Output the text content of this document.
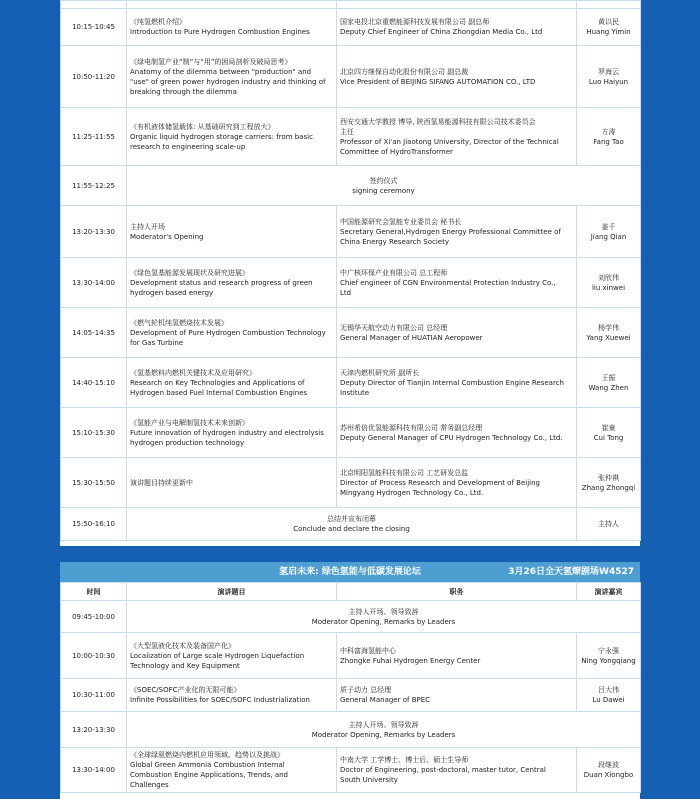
10:15-10:45	《纯氢燃机介绍》
Introduction to Pure Hydrogen Combustion Engines	国家电投北京重燃能源科技发展有限公司 副总师
Deputy Chief Engineer of China Zhongdian Media Co., Ltd	黄以民
Huang Yimin

10:50-11:20	《绿电制氢产业“制”与“用”的困局剖析及破局思考》
Anatomy of the dilemma between "production" and
"use" of green power hydrogen industry and thinking of
breaking through the dilemma	北京四方继保自动化股份有限公司 副总裁
Vice President of BEIJING SIFANG AUTOMATION CO., LTD	罗海云
Luo Haiyun

11:25-11:55	《有机液体储氢载体: 从基础研究到工程放大》
Organic liquid hydrogen storage carriers: from basic
research to engineering scale-up	西安交通大学教授 博导, 陕西氢易能源科技有限公司技术委员会
主任
Professor of Xi'an Jiaotong University, Director of the Technical
Committee of HydroTransformer	方涛
Fang Tao

11:55-12:25	签约仪式
signing ceremony		

13:20-13:30	主持人开场
Moderator's Opening	中国能源研究会氢能专业委员会 秘书长
Secretary General,Hydrogen Energy Professional Committee of
China Energy Research Society	姜千
Jiang Qian

13:30-14:00	《绿色氢基能源发展现状及研究进展》
Development status and research progress of green
hydrogen based energy	中广核环保产业有限公司 总工程师
Chief engineer of CGN Environmental Protection Industry Co.,
Ltd	刘欣伟
liu xinwei

14:05-14:35	《燃气轮机纯氢燃烧技术发展》
Development of Pure Hydrogen Combustion Technology
for Gas Turbine	无锡华天航空动力有限公司 总经理
General Manager of HUATIAN Aeropower	杨学伟
Yang Xuewei

14:40-15:10	《氢基燃料内燃机关键技术及应用研究》
Research on Key Technologies and Applications of
Hydrogen based Fuel Internal Combustion Engines	天津内燃机研究所 副所长
Deputy Director of Tianjin Internal Combustion Engine Research
Institute	王振
Wang Zhen

15:10-15:30	《氢能产业与电解制氢技术未来创新》
Future innovation of hydrogen industry and electrolysis
hydrogen production technology	苏州希倍优氢能源科技有限公司 常务副总经理
Deputy General Manager of CPU Hydrogen Technology Co., Ltd.	崔童
Cui Tong

15:30-15:50	演讲题目持续更新中	北京明阳氢能科技有限公司 工艺研发总监
Director of Process Research and Development of Beijing
Mingyang Hydrogen Technology Co., Ltd.	张仲祺
Zhang Zhongqi

15:50-16:10	总结并宣布闭幕
Conclude and declare the closing		主持人
氢启未来: 绿色氢能与低碳发展论坛	3月26日全天氢燎剧场W4527
时间	演讲题目	职务	演讲嘉宾
09:45-10:00	主持人开场、领导致辞
Moderator Opening, Remarks by Leaders		

10:00-10:30	《大型氢液化技术及装备国产化》
Localization of Large scale Hydrogen Liquefaction
Technology and Key Equipment	中科富海氢能中心
Zhongke Fuhai Hydrogen Energy Center	宁永强
Ning Yongqiang

10:30-11:00	《SOEC/SOFC产业化的无限可能》
Infinite Possibilities for SOEC/SOFC Industrialization	质子动力 总经理
General Manager of BPEC	吕大伟
Lu Dawei

13:20-13:30	主持人开场、领导致辞
Moderator Opening, Remarks by Leaders		

13:30-14:00	《全球绿氨燃烧内燃机应用领域、趋势以及挑战》
Global Green Ammonia Combustion Internal
Combustion Engine Applications, Trends, and
Challenges	中南大学 工学博士、博士后、硕士生导师
Doctor of Engineering, post-doctoral, master tutor, Central
South University	段继波
Duan Xiongbo
